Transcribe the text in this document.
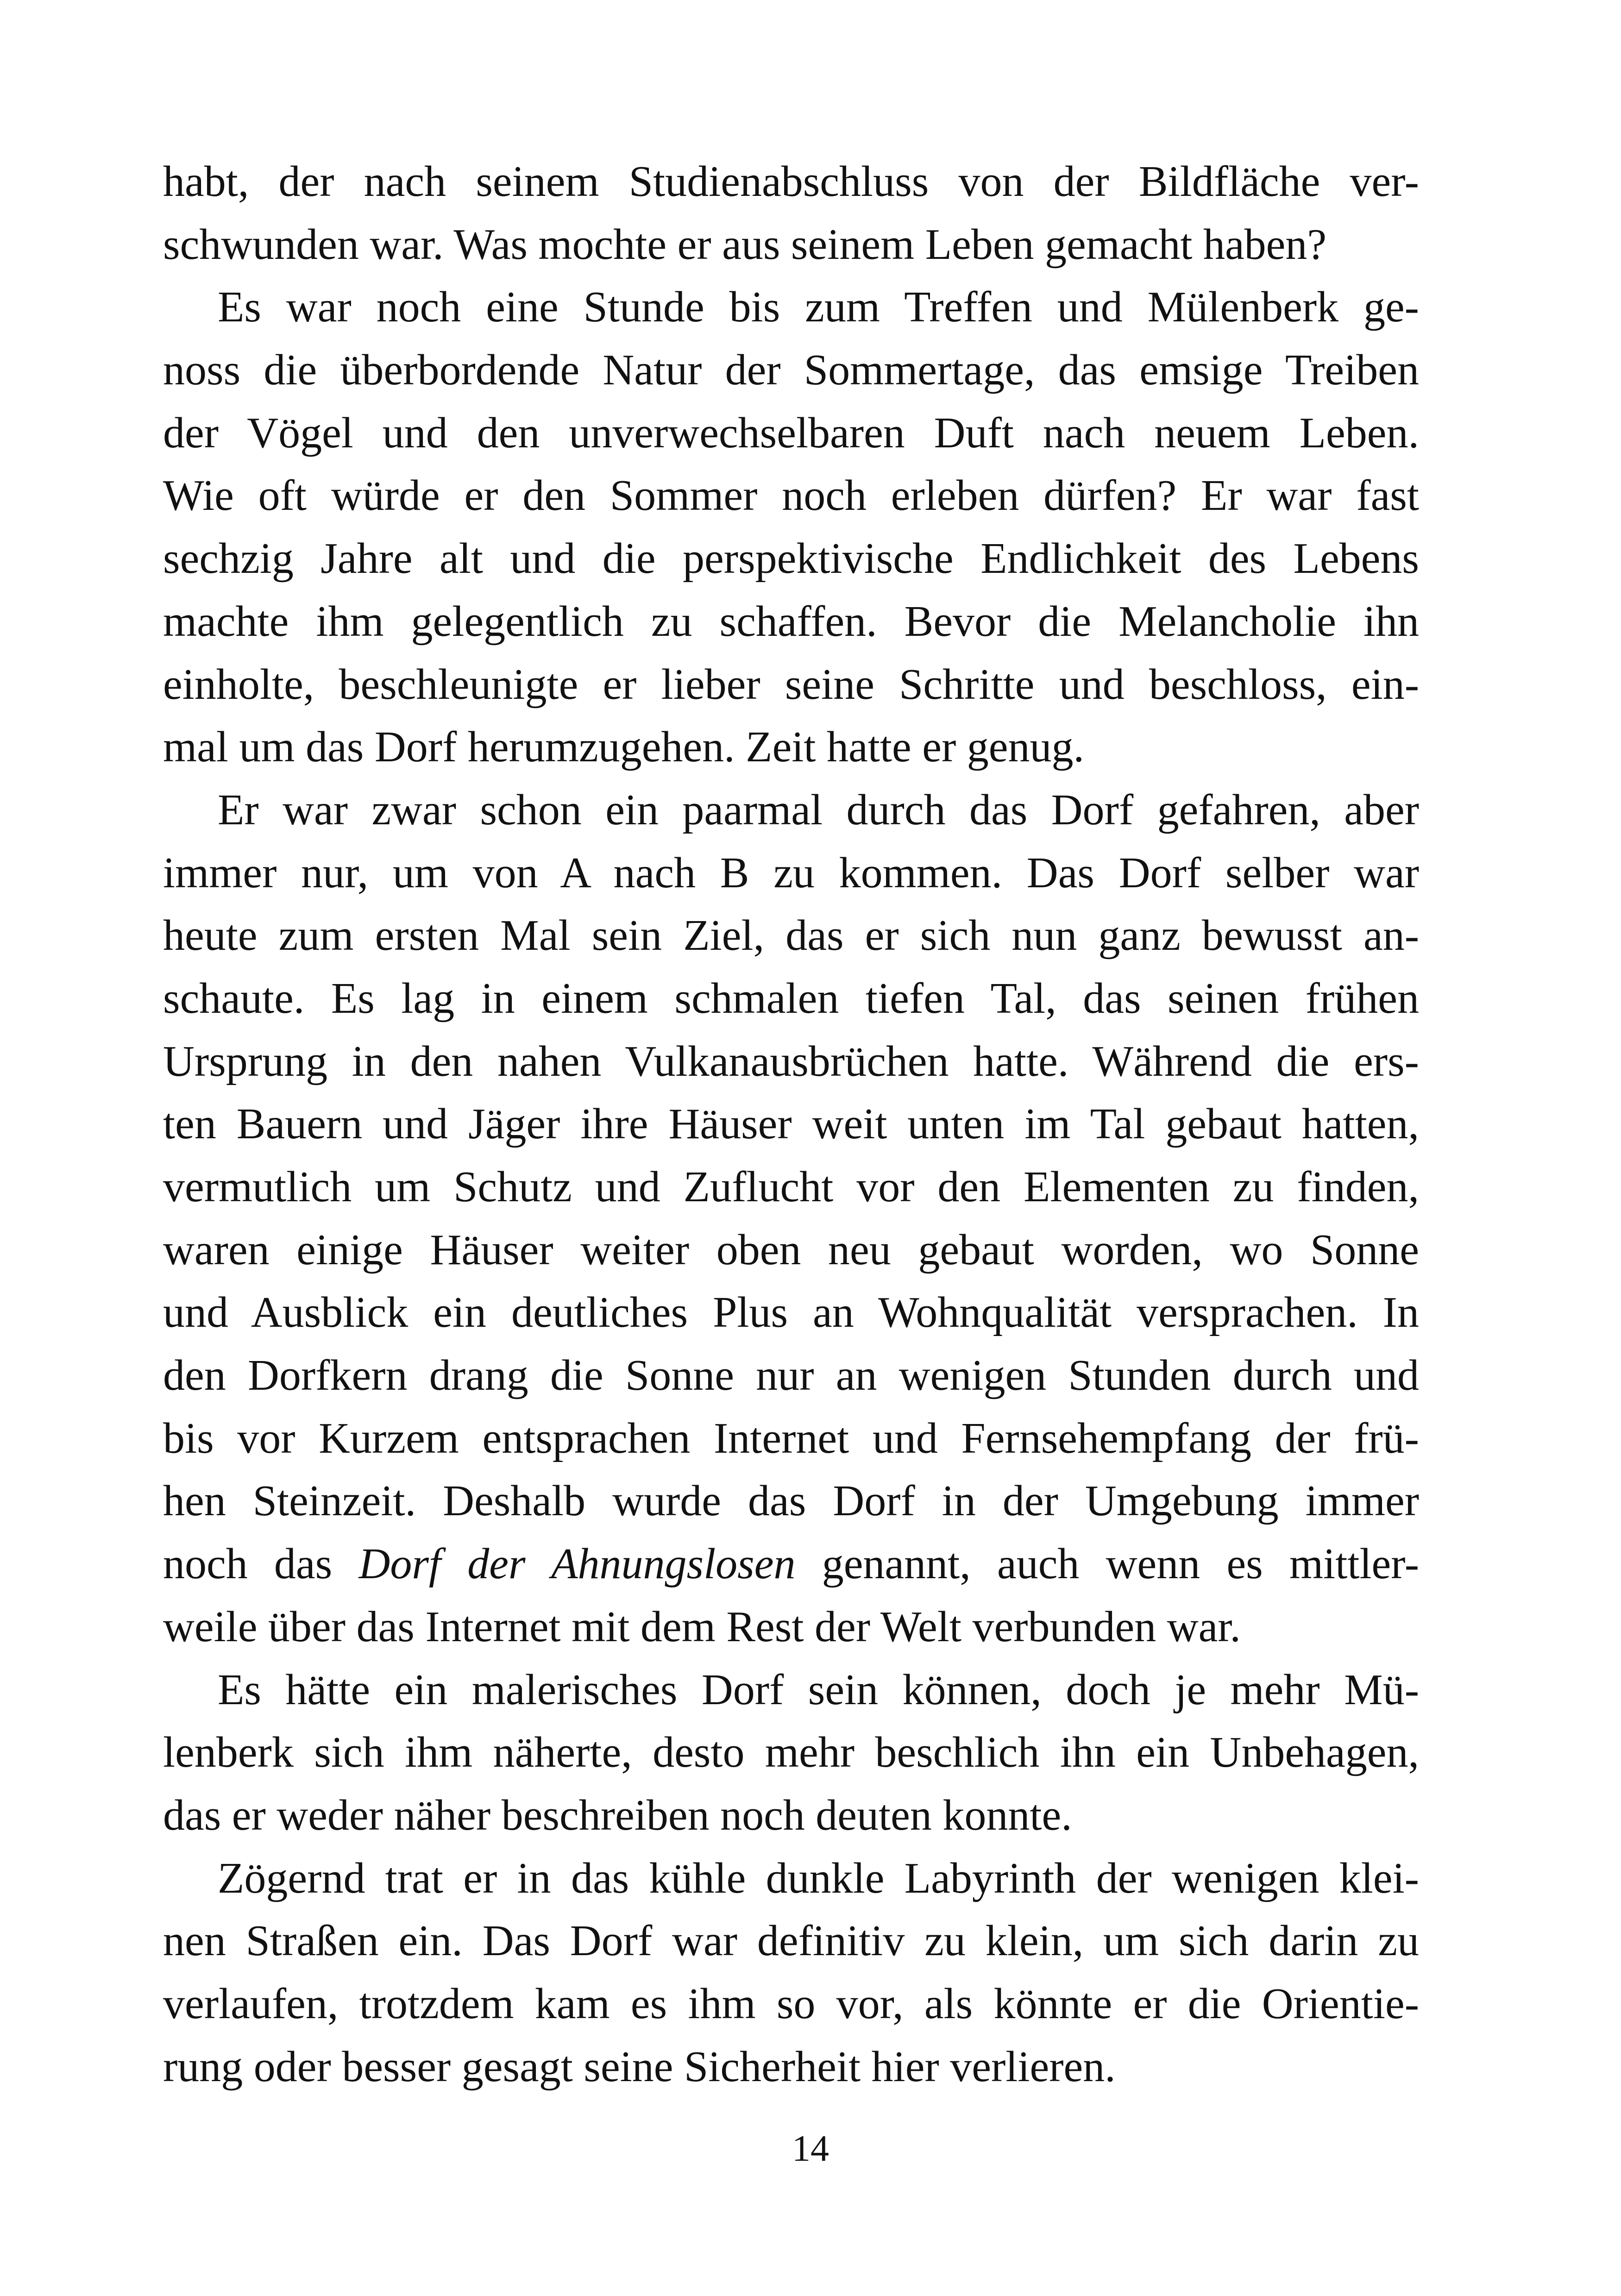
habt, der nach seinem Studienabschluss von der Bildfläche ver-
schwunden war. Was mochte er aus seinem Leben gemacht haben?
Es war noch eine Stunde bis zum Treffen und Mülenberk ge-
noss die überbordende Natur der Sommertage, das emsige Treiben
der Vögel und den unverwechselbaren Duft nach neuem Leben.
Wie oft würde er den Sommer noch erleben dürfen? Er war fast
sechzig Jahre alt und die perspektivische Endlichkeit des Lebens
machte ihm gelegentlich zu schaffen. Bevor die Melancholie ihn
einholte, beschleunigte er lieber seine Schritte und beschloss, ein-
mal um das Dorf herumzugehen. Zeit hatte er genug.
Er war zwar schon ein paarmal durch das Dorf gefahren, aber
immer nur, um von A nach B zu kommen. Das Dorf selber war
heute zum ersten Mal sein Ziel, das er sich nun ganz bewusst an-
schaute. Es lag in einem schmalen tiefen Tal, das seinen frühen
Ursprung in den nahen Vulkanausbrüchen hatte. Während die ers-
ten Bauern und Jäger ihre Häuser weit unten im Tal gebaut hatten,
vermutlich um Schutz und Zuflucht vor den Elementen zu finden,
waren einige Häuser weiter oben neu gebaut worden, wo Sonne
und Ausblick ein deutliches Plus an Wohnqualität versprachen. In
den Dorfkern drang die Sonne nur an wenigen Stunden durch und
bis vor Kurzem entsprachen Internet und Fernsehempfang der frü-
hen Steinzeit. Deshalb wurde das Dorf in der Umgebung immer
noch das Dorf der Ahnungslosen genannt, auch wenn es mittler-
weile über das Internet mit dem Rest der Welt verbunden war.
Es hätte ein malerisches Dorf sein können, doch je mehr Mü-
lenberk sich ihm näherte, desto mehr beschlich ihn ein Unbehagen,
das er weder näher beschreiben noch deuten konnte.
Zögernd trat er in das kühle dunkle Labyrinth der wenigen klei-
nen Straßen ein. Das Dorf war definitiv zu klein, um sich darin zu
verlaufen, trotzdem kam es ihm so vor, als könnte er die Orientie-
rung oder besser gesagt seine Sicherheit hier verlieren.
14
